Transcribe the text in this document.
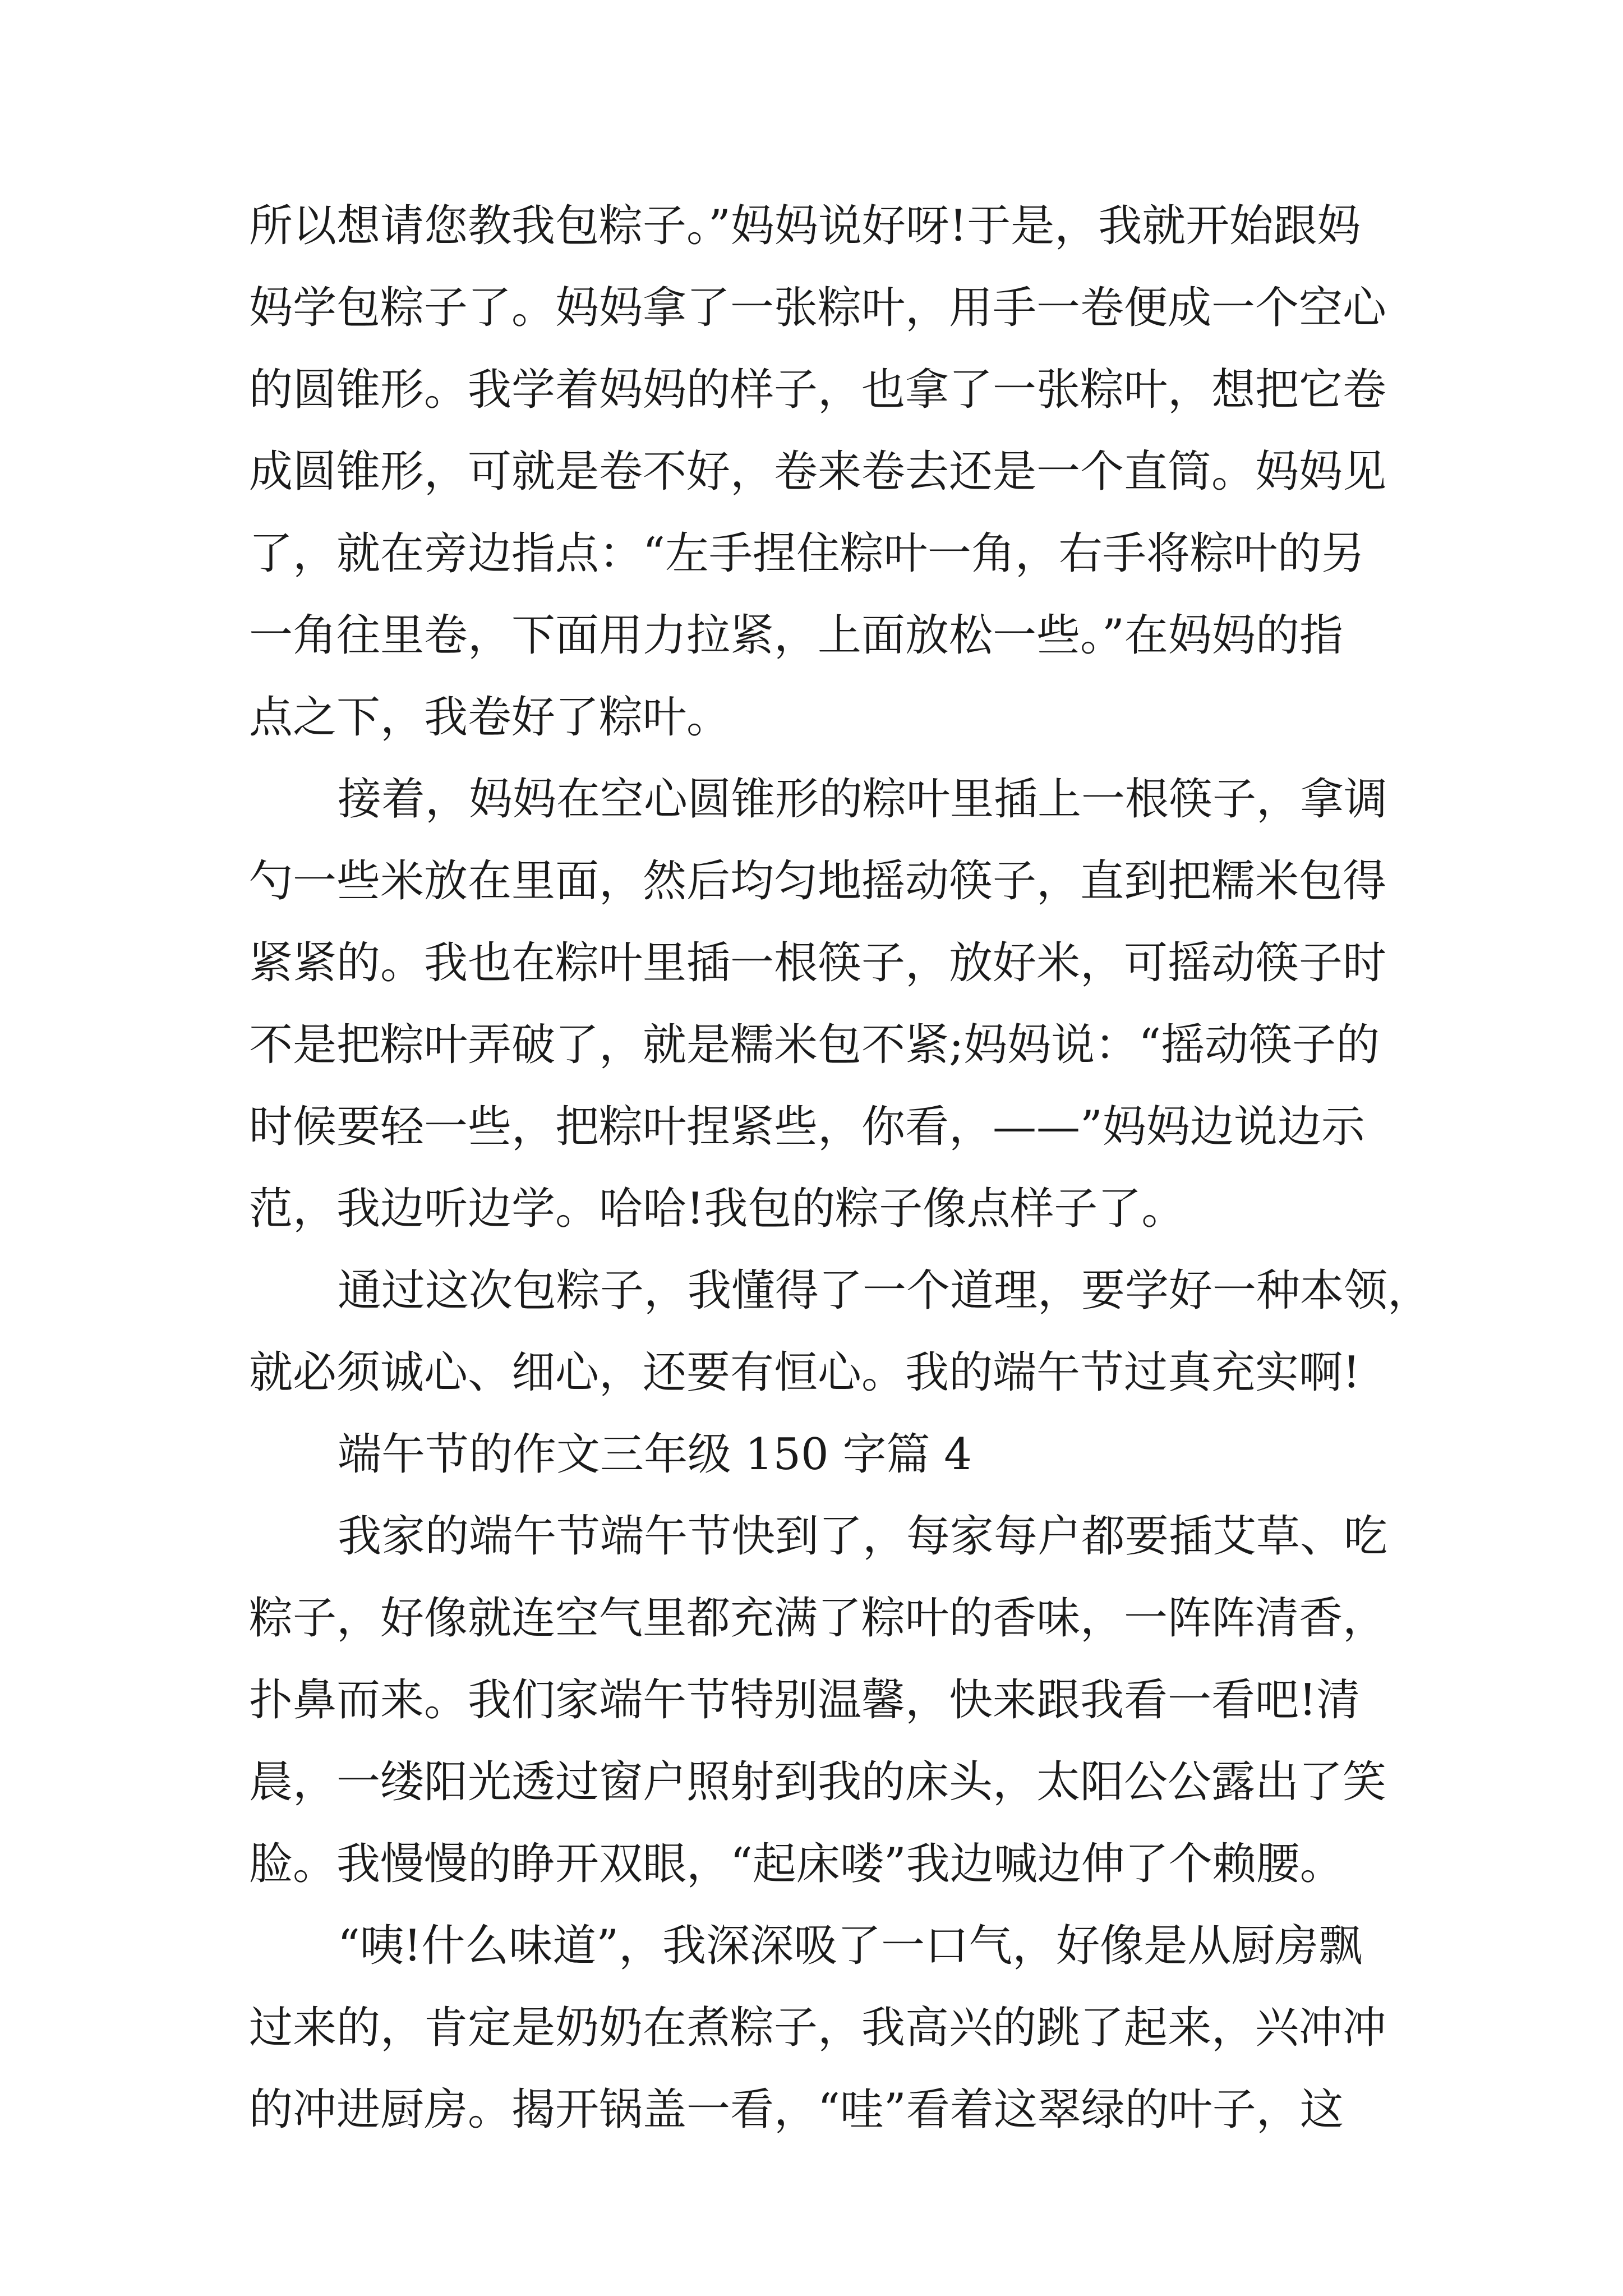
所以想请您教我包粽子。”妈妈说好呀!于是，我就开始跟妈
妈学包粽子了。妈妈拿了一张粽叶，用手一卷便成一个空心
的圆锥形。我学着妈妈的样子，也拿了一张粽叶，想把它卷
成圆锥形，可就是卷不好，卷来卷去还是一个直筒。妈妈见
了，就在旁边指点：“左手捏住粽叶一角，右手将粽叶的另
一角往里卷，下面用力拉紧，上面放松一些。”在妈妈的指
点之下，我卷好了粽叶。
接着，妈妈在空心圆锥形的粽叶里插上一根筷子，拿调
勺一些米放在里面，然后均匀地摇动筷子，直到把糯米包得
紧紧的。我也在粽叶里插一根筷子，放好米，可摇动筷子时
不是把粽叶弄破了，就是糯米包不紧;妈妈说：“摇动筷子的
时候要轻一些，把粽叶捏紧些，你看，——”妈妈边说边示
范，我边听边学。哈哈!我包的粽子像点样子了。
通过这次包粽子，我懂得了一个道理，要学好一种本领，
就必须诚心、细心，还要有恒心。我的端午节过真充实啊!
端午节的作文三年级 150 字篇 4
我家的端午节端午节快到了，每家每户都要插艾草、吃
粽子，好像就连空气里都充满了粽叶的香味，一阵阵清香，
扑鼻而来。我们家端午节特别温馨，快来跟我看一看吧!清
晨，一缕阳光透过窗户照射到我的床头，太阳公公露出了笑
脸。我慢慢的睁开双眼，“起床喽”我边喊边伸了个赖腰。
“咦!什么味道”，我深深吸了一口气，好像是从厨房飘
过来的，肯定是奶奶在煮粽子，我高兴的跳了起来，兴冲冲
的冲进厨房。揭开锅盖一看，“哇”看着这翠绿的叶子，这
